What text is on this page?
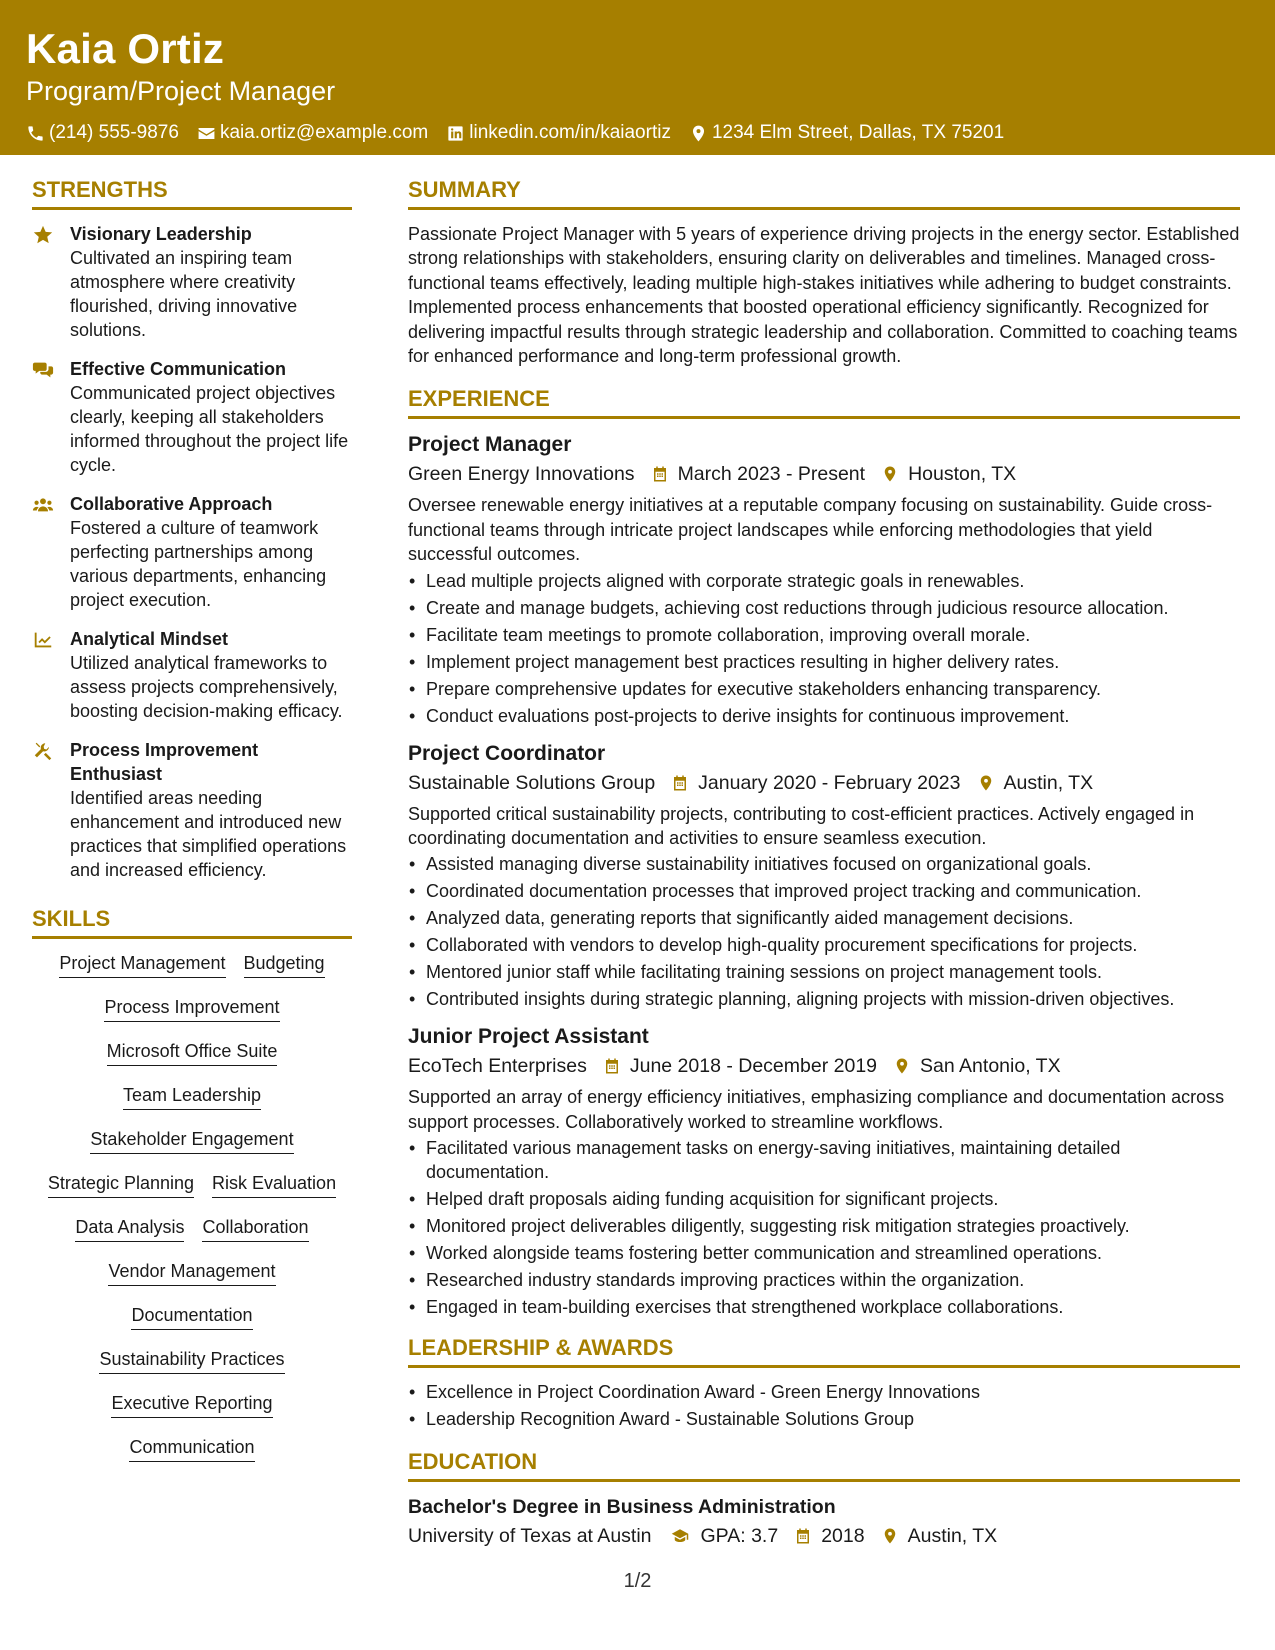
Kaia Ortiz
Program/Project Manager
(214) 555-9876 kaia.ortiz@example.com linkedin.com/in/kaiaortiz 1234 Elm Street, Dallas, TX 75201
STRENGTHS
Visionary Leadership
Cultivated an inspiring team atmosphere where creativity flourished, driving innovative solutions.
Effective Communication
Communicated project objectives clearly, keeping all stakeholders informed throughout the project life cycle.
Collaborative Approach
Fostered a culture of teamwork perfecting partnerships among various departments, enhancing project execution.
Analytical Mindset
Utilized analytical frameworks to assess projects comprehensively, boosting decision-making efficacy.
Process Improvement Enthusiast
Identified areas needing enhancement and introduced new practices that simplified operations and increased efficiency.
SKILLS
Project Management Budgeting
Process Improvement
Microsoft Office Suite
Team Leadership
Stakeholder Engagement
Strategic Planning Risk Evaluation
Data Analysis Collaboration
Vendor Management
Documentation
Sustainability Practices
Executive Reporting
Communication
SUMMARY
Passionate Project Manager with 5 years of experience driving projects in the energy sector. Established strong relationships with stakeholders, ensuring clarity on deliverables and timelines. Managed cross-functional teams effectively, leading multiple high-stakes initiatives while adhering to budget constraints. Implemented process enhancements that boosted operational efficiency significantly. Recognized for delivering impactful results through strategic leadership and collaboration. Committed to coaching teams for enhanced performance and long-term professional growth.
EXPERIENCE
Project Manager
Green Energy Innovations March 2023 - Present Houston, TX
Oversee renewable energy initiatives at a reputable company focusing on sustainability. Guide cross-functional teams through intricate project landscapes while enforcing methodologies that yield successful outcomes.
• Lead multiple projects aligned with corporate strategic goals in renewables.
• Create and manage budgets, achieving cost reductions through judicious resource allocation.
• Facilitate team meetings to promote collaboration, improving overall morale.
• Implement project management best practices resulting in higher delivery rates.
• Prepare comprehensive updates for executive stakeholders enhancing transparency.
• Conduct evaluations post-projects to derive insights for continuous improvement.
Project Coordinator
Sustainable Solutions Group January 2020 - February 2023 Austin, TX
Supported critical sustainability projects, contributing to cost-efficient practices. Actively engaged in coordinating documentation and activities to ensure seamless execution.
• Assisted managing diverse sustainability initiatives focused on organizational goals.
• Coordinated documentation processes that improved project tracking and communication.
• Analyzed data, generating reports that significantly aided management decisions.
• Collaborated with vendors to develop high-quality procurement specifications for projects.
• Mentored junior staff while facilitating training sessions on project management tools.
• Contributed insights during strategic planning, aligning projects with mission-driven objectives.
Junior Project Assistant
EcoTech Enterprises June 2018 - December 2019 San Antonio, TX
Supported an array of energy efficiency initiatives, emphasizing compliance and documentation across support processes. Collaboratively worked to streamline workflows.
• Facilitated various management tasks on energy-saving initiatives, maintaining detailed documentation.
• Helped draft proposals aiding funding acquisition for significant projects.
• Monitored project deliverables diligently, suggesting risk mitigation strategies proactively.
• Worked alongside teams fostering better communication and streamlined operations.
• Researched industry standards improving practices within the organization.
• Engaged in team-building exercises that strengthened workplace collaborations.
LEADERSHIP & AWARDS
• Excellence in Project Coordination Award - Green Energy Innovations
• Leadership Recognition Award - Sustainable Solutions Group
EDUCATION
Bachelor's Degree in Business Administration
University of Texas at Austin	GPA: 3.7 2018 Austin, TX
1/2
